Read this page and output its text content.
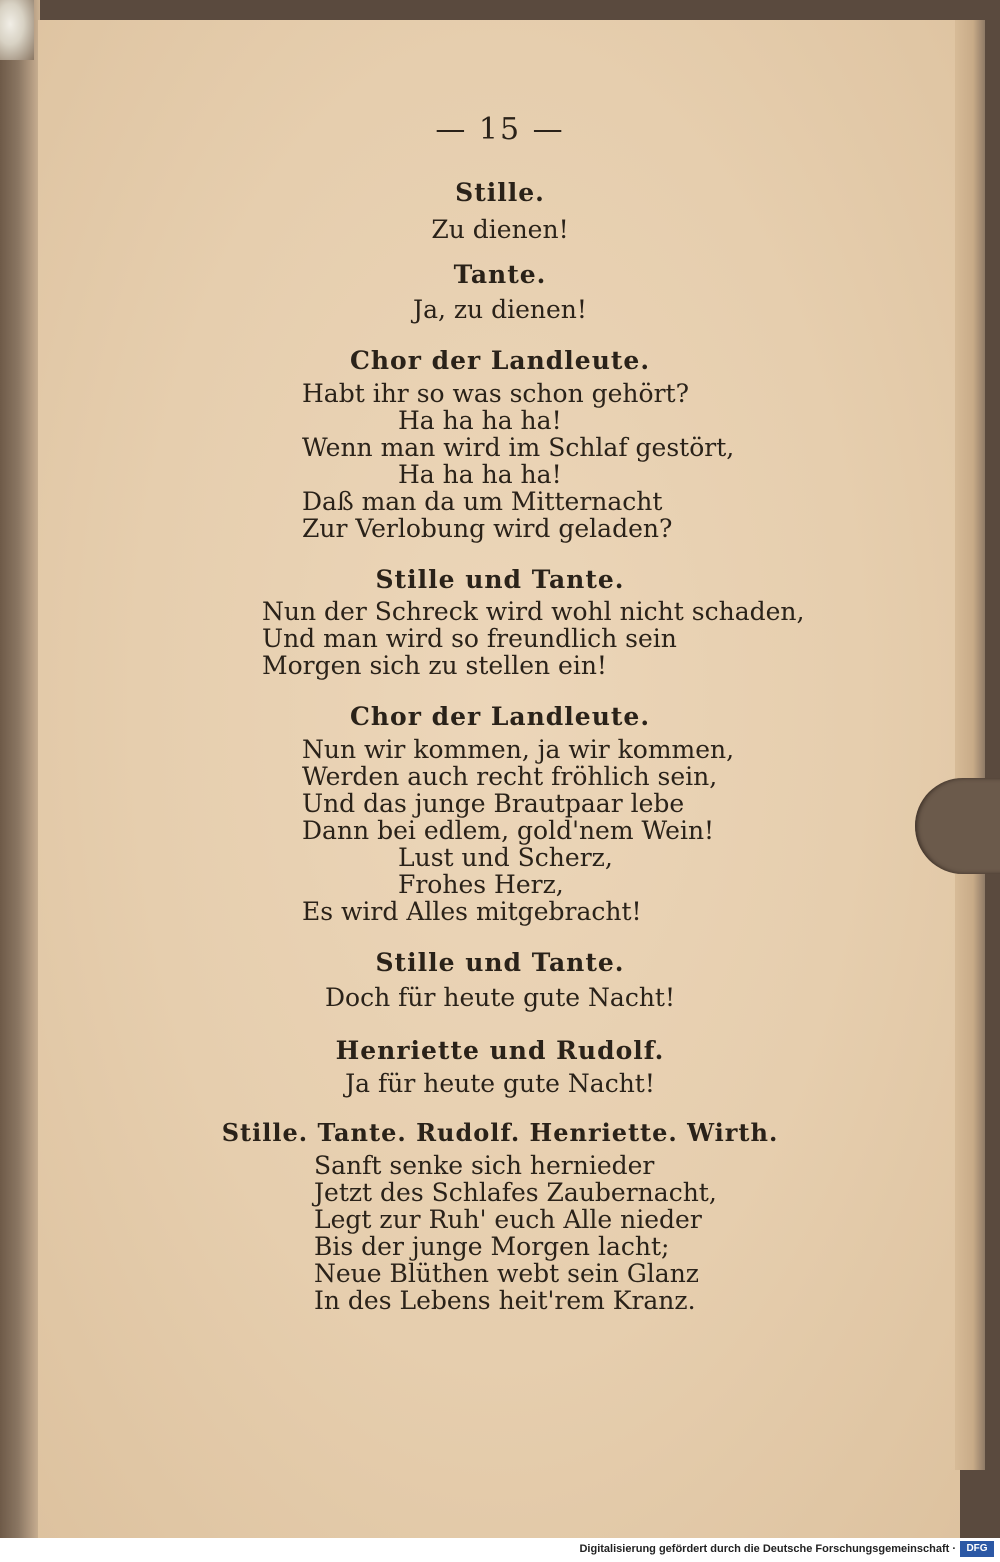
— 15 —
Stille.
Zu dienen!
Tante.
Ja, zu dienen!
Chor der Landleute.
Habt ihr so was schon gehört?
Ha ha ha ha!
Wenn man wird im Schlaf gestört,
Ha ha ha ha!
Daß man da um Mitternacht
Zur Verlobung wird geladen?
Stille und Tante.
Nun der Schreck wird wohl nicht schaden,
Und man wird so freundlich sein
Morgen sich zu stellen ein!
Chor der Landleute.
Nun wir kommen, ja wir kommen,
Werden auch recht fröhlich sein,
Und das junge Brautpaar lebe
Dann bei edlem, gold'nem Wein!
Lust und Scherz,
Frohes Herz,
Es wird Alles mitgebracht!
Stille und Tante.
Doch für heute gute Nacht!
Henriette und Rudolf.
Ja für heute gute Nacht!
Stille. Tante. Rudolf. Henriette. Wirth.
Sanft senke sich hernieder
Jetzt des Schlafes Zaubernacht,
Legt zur Ruh' euch Alle nieder
Bis der junge Morgen lacht;
Neue Blüthen webt sein Glanz
In des Lebens heit'rem Kranz.
Digitalisierung gefördert durch die Deutsche Forschungsgemeinschaft ·	DFG
